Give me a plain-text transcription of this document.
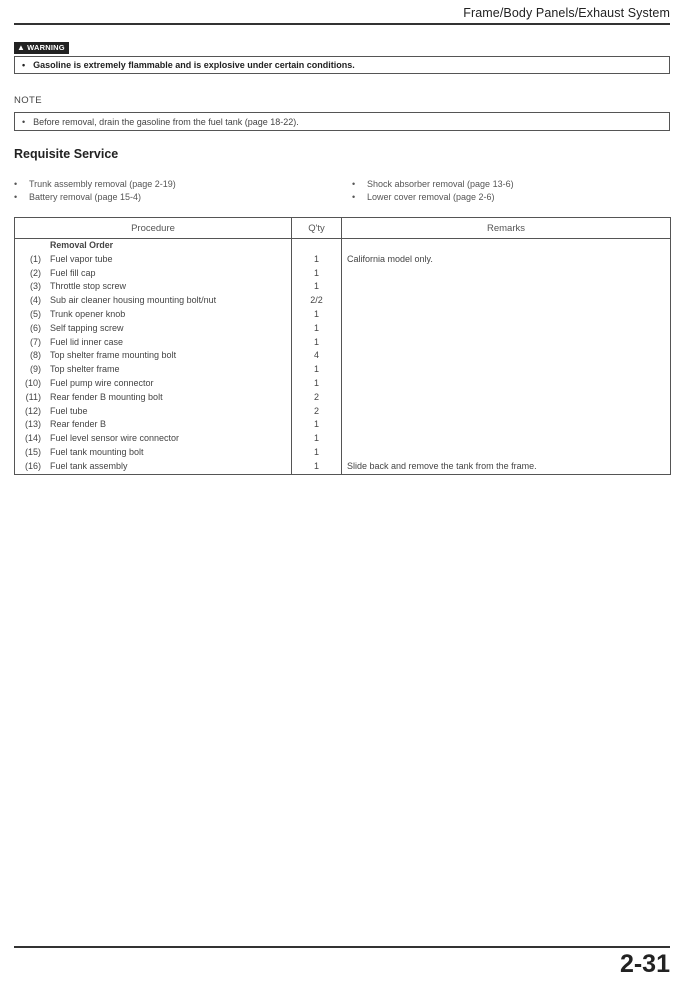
Frame/Body Panels/Exhaust System
▲ WARNING
• Gasoline is extremely flammable and is explosive under certain conditions.
NOTE
• Before removal, drain the gasoline from the fuel tank (page 18-22).
Requisite Service
• Trunk assembly removal (page 2-19)
• Battery removal (page 15-4)
• Shock absorber removal (page 13-6)
• Lower cover removal (page 2-6)
Procedure		Q'ty	Remarks
	Removal Order		
(1)	Fuel vapor tube	1	California model only.
(2)	Fuel fill cap	1	
(3)	Throttle stop screw	1	
(4)	Sub air cleaner housing mounting bolt/nut	2/2	
(5)	Trunk opener knob	1	
(6)	Self tapping screw	1	
(7)	Fuel lid inner case	1	
(8)	Top shelter frame mounting bolt	4	
(9)	Top shelter frame	1	
(10)	Fuel pump wire connector	1	
(11)	Rear fender B mounting bolt	2	
(12)	Fuel tube	2	
(13)	Rear fender B	1	
(14)	Fuel level sensor wire connector	1	
(15)	Fuel tank mounting bolt	1	
(16)	Fuel tank assembly	1	Slide back and remove the tank from the frame.
2-31
